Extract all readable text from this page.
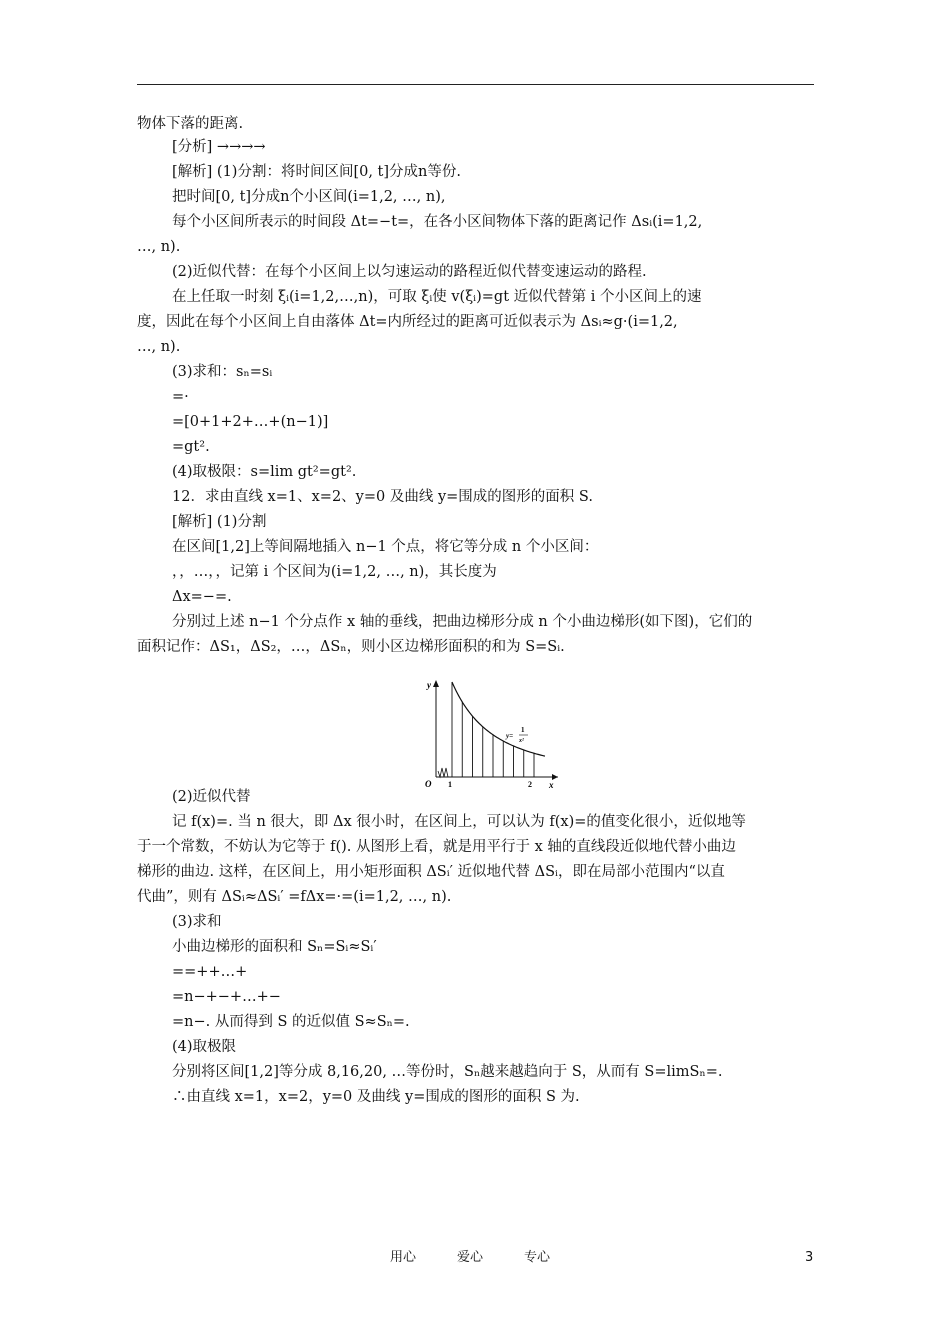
物体下落的距离.
[分析] →→→→
[解析] (1)分割：将时间区间[0, t]分成n等份.
把时间[0, t]分成n个小区间(i=1,2, …, n),
每个小区间所表示的时间段 Δt=−t=，在各小区间物体下落的距离记作 Δsᵢ(i=1,2,
…, n).
(2)近似代替：在每个小区间上以匀速运动的路程近似代替变速运动的路程.
在上任取一时刻 ξᵢ(i=1,2,…,n)，可取 ξᵢ使 v(ξᵢ)=gt 近似代替第 i 个小区间上的速
度，因此在每个小区间上自由落体 Δt=内所经过的距离可近似表示为 Δsᵢ≈g·(i=1,2,
…, n).
(3)求和：sₙ=sᵢ
=·
=[0+1+2+…+(n−1)]
=gt².
(4)取极限：s=lim gt²=gt².
12．求由直线 x=1、x=2、y=0 及曲线 y=围成的图形的面积 S.
[解析] (1)分割
在区间[1,2]上等间隔地插入 n−1 个点，将它等分成 n 个小区间：
，，…，，记第 i 个区间为(i=1,2, …, n)，其长度为
Δx=−=.
分别过上述 n−1 个分点作 x 轴的垂线，把曲边梯形分成 n 个小曲边梯形(如下图)，它们的
面积记作：ΔS₁，ΔS₂，…，ΔSₙ，则小区边梯形面积的和为 S=Sᵢ.
(2)近似代替
记 f(x)=. 当 n 很大，即 Δx 很小时，在区间上，可以认为 f(x)=的值变化很小，近似地等
于一个常数，不妨认为它等于 f(). 从图形上看，就是用平行于 x 轴的直线段近似地代替小曲边
梯形的曲边. 这样，在区间上，用小矩形面积 ΔSᵢ′ 近似地代替 ΔSᵢ，即在局部小范围内“以直
代曲”，则有 ΔSᵢ≈ΔSᵢ′ =fΔx=·=(i=1,2, …, n).
(3)求和
小曲边梯形的面积和 Sₙ=Sᵢ≈Sᵢ′
==++…+
=n−+−+…+−
=n−. 从而得到 S 的近似值 S≈Sₙ=.
(4)取极限
分别将区间[1,2]等分成 8,16,20, …等份时，Sₙ越来越趋向于 S，从而有 S=limSₙ=.
∴由直线 x=1，x=2，y=0 及曲线 y=围成的图形的面积 S 为.
y
x
O 1	2
y=
1
x²
用心	爱心	专心	3
